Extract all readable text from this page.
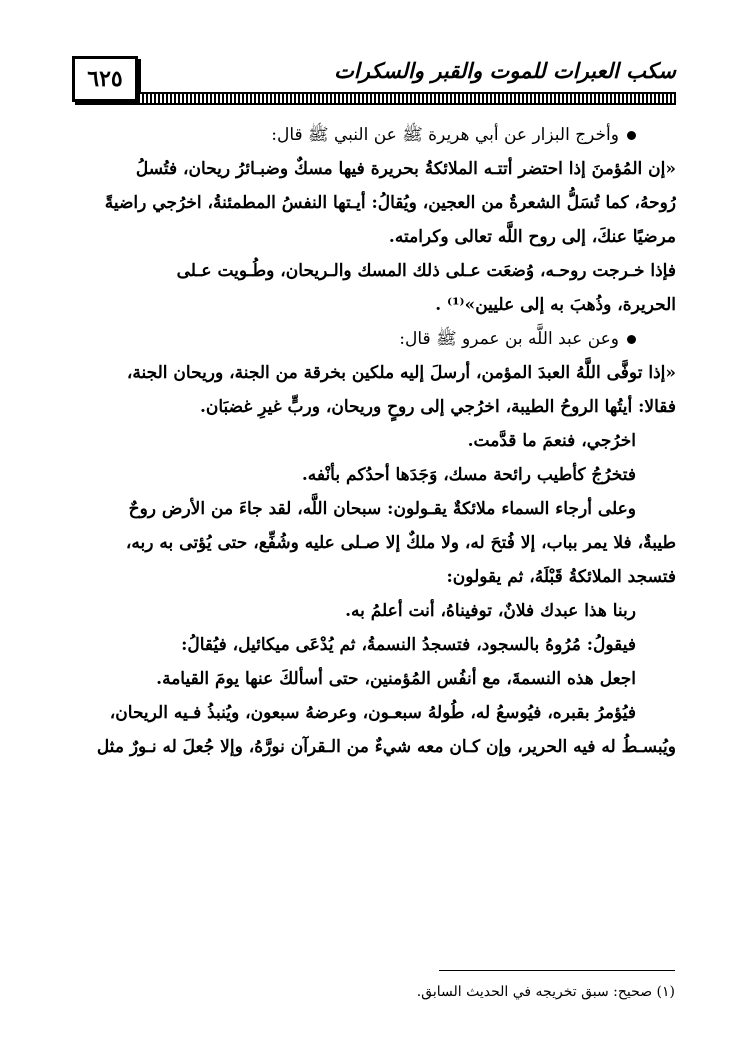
٦٢٥	سكب العبرات للموت والقبر والسكرات
وأخرج البزار عن أبي هريرة ﷺ عن النبي ﷺ قال:
«إن المُؤمنَ إذا احتضر أتتـه الملائكةُ بحريرة فيها مسكٌ وضبـائرُ ريحان، فتُسلُ
رُوحهُ، كما تُسَلُّ الشعرةُ من العجين، ويُقالُ: أيـتها النفسُ المطمئنةُ، اخرُجي راضيةً
مرضيًا عنكَ، إلى روح اللَّه تعالى وكرامته.
فإذا خـرجت روحـه، وُضعَت عـلى ذلك المسك والـريحان، وطُـويت عـلى
الحريرة، وذُهبَ به إلى عليين»⁽¹⁾ .
وعن عبد اللَّه بن عمرو ﷺ قال:
«إذا توفَّى اللَّهُ العبدَ المؤمن، أرسلَ إليه ملكين بخرقة من الجنة، وريحان الجنة،
فقالا: أيتُها الروحُ الطيبة، اخرُجي إلى روحٍ وريحان، وربٍّ غيرِ غضبَان.
اخرُجي، فنعمَ ما قدَّمت.
فتخرُجُ كأطيب رائحة مسك، وَجَدَها أحدُكم بأنْفه.
وعلى أرجاء السماء ملائكةٌ يقـولون: سبحان اللَّه، لقد جاءَ من الأرض روحٌ
طيبةٌ، فلا يمر بباب، إلا فُتحَ له، ولا ملكٌ إلا صـلى عليه وشُفِّع، حتى يُؤتى به ربه،
فتسجد الملائكةُ قَبْلَهُ، ثم يقولون:
ربنا هذا عبدك فلانٌ، توفيناهُ، أنت أعلمُ به.
فيقولُ: مُرُوهُ بالسجود، فتسجدُ النسمةُ، ثم يُدْعَى ميكائيل، فيُقالُ:
اجعل هذه النسمةَ، مع أنفُس المُؤمنين، حتى أسألكَ عنها يومَ القيامة.
فيُؤمرُ بقبره، فيُوسعُ له، طُولهُ سبعـون، وعرضهُ سبعون، ويُنبذُ فـيه الريحان،
ويُبسـطُ له فيه الحرير، وإن كـان معه شيءٌ من الـقرآن نورَّهُ، وإلا جُعلَ له نـورٌ مثل
(١) صحيح: سبق تخريجه في الحديث السابق.
